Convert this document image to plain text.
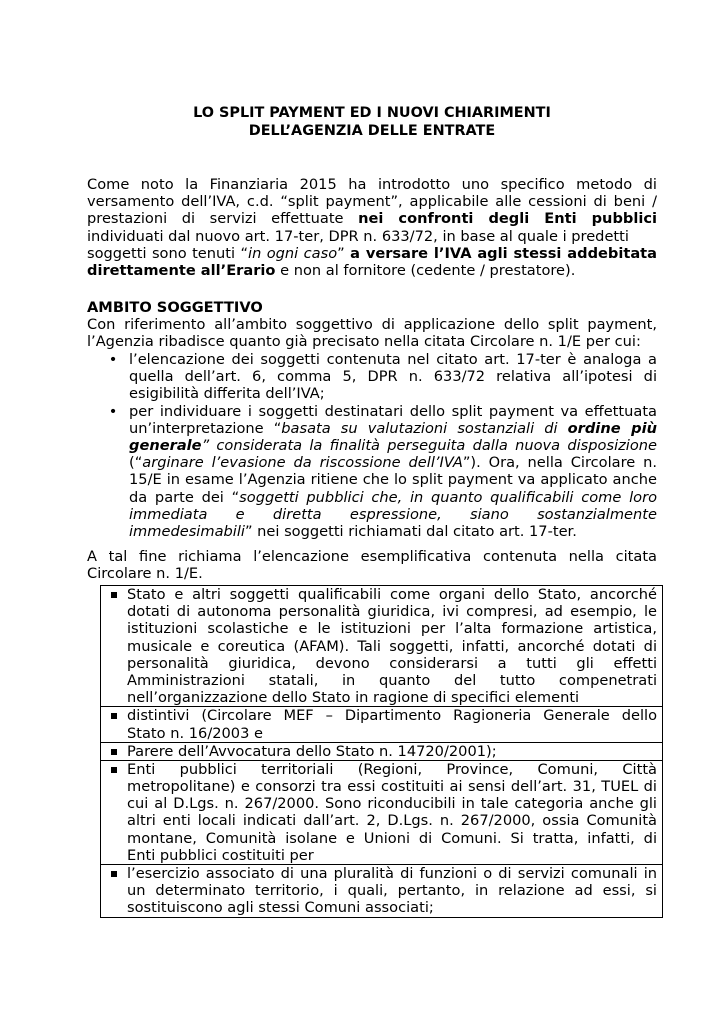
LO SPLIT PAYMENT ED I NUOVI CHIARIMENTI
DELL’AGENZIA DELLE ENTRATE
Come noto la Finanziaria 2015 ha introdotto uno specifico metodo di
versamento dell’IVA, c.d. “split payment”, applicabile alle cessioni di beni /
prestazioni di servizi effettuate nei confronti degli Enti pubblici
individuati dal nuovo art. 17-ter, DPR n. 633/72, in base al quale i predetti
soggetti sono tenuti “in ogni caso” a versare l’IVA agli stessi addebitata
direttamente all’Erario e non al fornitore (cedente / prestatore).
AMBITO SOGGETTIVO
Con riferimento all’ambito soggettivo di applicazione dello split payment,
l’Agenzia ribadisce quanto già precisato nella citata Circolare n. 1/E per cui:
• l’elencazione dei soggetti contenuta nel citato art. 17-ter è analoga a
quella dell’art. 6, comma 5, DPR n. 633/72 relativa all’ipotesi di
esigibilità differita dell’IVA;
• per individuare i soggetti destinatari dello split payment va effettuata
un’interpretazione “basata su valutazioni sostanziali di ordine più
generale” considerata la finalità perseguita dalla nuova disposizione
(“arginare l’evasione da riscossione dell’IVA”). Ora, nella Circolare n.
15/E in esame l’Agenzia ritiene che lo split payment va applicato anche
da parte dei “soggetti pubblici che, in quanto qualificabili come loro
immediata e diretta espressione, siano sostanzialmente
immedesimabili” nei soggetti richiamati dal citato art. 17-ter.
A tal fine richiama l’elencazione esemplificativa contenuta nella citata
Circolare n. 1/E.
Stato e altri soggetti qualificabili come organi dello Stato, ancorché
dotati di autonoma personalità giuridica, ivi compresi, ad esempio, le
istituzioni scolastiche e le istituzioni per l’alta formazione artistica,
musicale e coreutica (AFAM). Tali soggetti, infatti, ancorché dotati di
personalità giuridica, devono considerarsi a tutti gli effetti
Amministrazioni statali, in quanto del tutto compenetrati
nell’organizzazione dello Stato in ragione di specifici elementi

distintivi (Circolare MEF – Dipartimento Ragioneria Generale dello
Stato n. 16/2003 e

Parere dell’Avvocatura dello Stato n. 14720/2001);

Enti pubblici territoriali (Regioni, Province, Comuni, Città
metropolitane) e consorzi tra essi costituiti ai sensi dell’art. 31, TUEL di
cui al D.Lgs. n. 267/2000. Sono riconducibili in tale categoria anche gli
altri enti locali indicati dall’art. 2, D.Lgs. n. 267/2000, ossia Comunità
montane, Comunità isolane e Unioni di Comuni. Si tratta, infatti, di
Enti pubblici costituiti per

l’esercizio associato di una pluralità di funzioni o di servizi comunali in
un determinato territorio, i quali, pertanto, in relazione ad essi, si
sostituiscono agli stessi Comuni associati;
